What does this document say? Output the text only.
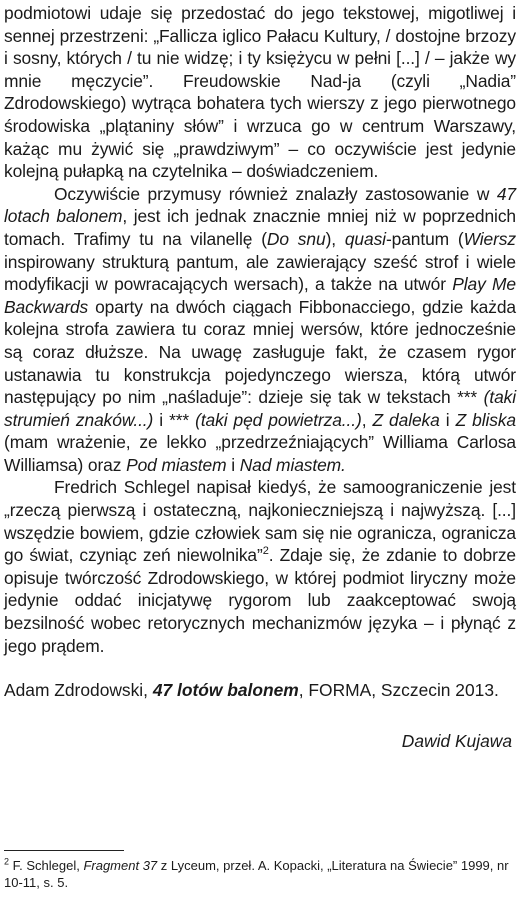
podmiotowi udaje się przedostać do jego tekstowej, migotliwej i sennej przestrzeni: „Fallicza iglico Pałacu Kultury, / dostojne brzozy i sosny, których / tu nie widzę; i ty księżycu w pełni [...] / – jakże wy mnie męczycie”. Freudowskie Nad-ja (czyli „Nadia” Zdrodowskiego) wytrąca bohatera tych wierszy z jego pierwotnego środowiska „plątaniny słów” i wrzuca go w centrum Warszawy, każąc mu żywić się „prawdziwym” – co oczywiście jest jedynie kolejną pułapką na czytelnika – doświadczeniem.

Oczywiście przymusy również znalazły zastosowanie w 47 lotach balonem, jest ich jednak znacznie mniej niż w poprzednich tomach. Trafimy tu na vilanellę (Do snu), quasi-pantum (Wiersz inspirowany strukturą pantum, ale zawierający sześć strof i wiele modyfikacji w powracających wersach), a także na utwór Play Me Backwards oparty na dwóch ciągach Fibbonacciego, gdzie każda kolejna strofa zawiera tu coraz mniej wersów, które jednocześnie są coraz dłuższe. Na uwagę zasługuje fakt, że czasem rygor ustanawia tu konstrukcja pojedynczego wiersza, którą utwór następujący po nim „naśladuje”: dzieje się tak w tekstach *** (taki strumień znaków...) i *** (taki pęd powietrza...), Z daleka i Z bliska (mam wrażenie, ze lekko „przedrzeźniających” Williama Carlosa Williamsa) oraz Pod miastem i Nad miastem.

Fredrich Schlegel napisał kiedyś, że samoograniczenie jest „rzeczą pierwszą i ostateczną, najkonieczniejszą i najwyższą. [...] wszędzie bowiem, gdzie człowiek sam się nie ogranicza, ogranicza go świat, czyniąc zeń niewolnika”$^2$. Zdaje się, że zdanie to dobrze opisuje twórczość Zdrodowskiego, w której podmiot liryczny może jedynie oddać inicjatywę rygorom lub zaakceptować swoją bezsilność wobec retorycznych mechanizmów języka – i płynąć z jego prądem.

Adam Zdrodowski, 47 lotów balonem, FORMA, Szczecin 2013.

Dawid Kujawa

$^2$ F. Schlegel, Fragment 37 z Lyceum, przeł. A. Kopacki, „Literatura na Świecie” 1999, nr 10-11, s. 5.
